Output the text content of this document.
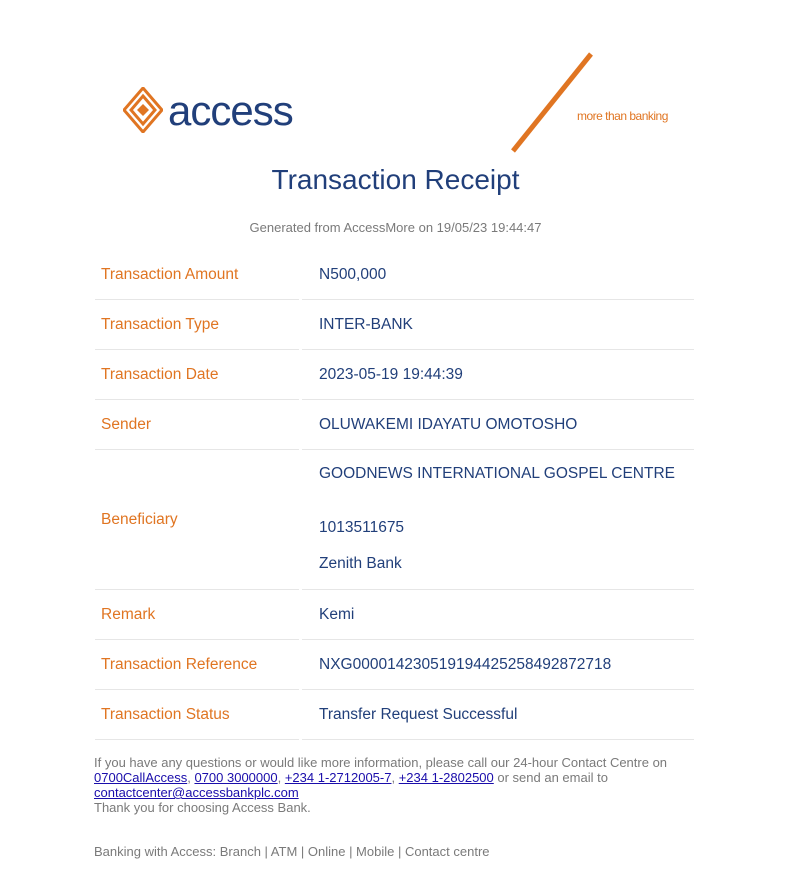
access	more than banking
Transaction Receipt
Generated from AccessMore on 19/05/23 19:44:47
Transaction Amount	N500,000
Transaction Type	INTER-BANK
Transaction Date	2023-05-19 19:44:39
Sender	OLUWAKEMI IDAYATU OMOTOSHO
Beneficiary
GOODNEWS INTERNATIONAL GOSPEL CENTRE
1013511675
Zenith Bank
Remark	Kemi
Transaction Reference	NXG000014230519194425258492872718
Transaction Status	Transfer Request Successful
If you have any questions or would like more information, please call our 24-hour Contact Centre on
0700CallAccess, 0700 3000000, +234 1-2712005-7, +234 1-2802500 or send an email to
contactcenter@accessbankplc.com
Thank you for choosing Access Bank.
Banking with Access: Branch | ATM | Online | Mobile | Contact centre
